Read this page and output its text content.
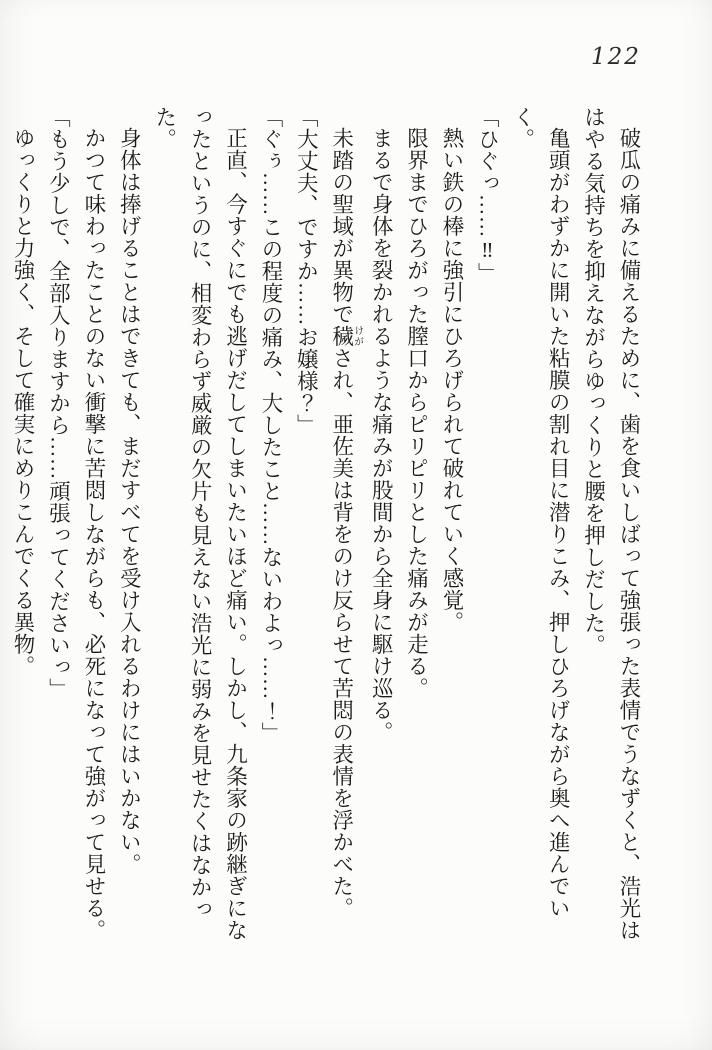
122

破瓜の痛みに備えるために、歯を食いしばって強張った表情でうなずくと、浩光ははやる気持ちを抑えながらゆっくりと腰を押しだした。

亀頭がわずかに開いた粘膜の割れ目に潜りこみ、押しひろげながら奥へ進んでいく。

「ひぐっ……‼」

熱い鉄の棒に強引にひろげられて破れていく感覚。

限界までひろがった膣口からピリピリとした痛みが走る。

まるで身体を裂かれるような痛みが股間から全身に駆け巡る。

未踏の聖域が異物で穢けがされ、亜佐美は背をのけ反らせて苦悶の表情を浮かべた。

「大丈夫、ですか……お嬢様？」

「ぐぅ……この程度の痛み、大したこと……ないわよっ……！」

正直、今すぐにでも逃げだしてしまいたいほど痛い。しかし、九条家の跡継ぎになったというのに、相変わらず威厳の欠片も見えない浩光に弱みを見せたくはなかった。

身体は捧げることはできても、まだすべてを受け入れるわけにはいかない。

かつて味わったことのない衝撃に苦悶しながらも、必死になって強がって見せる。

「もう少しで、全部入りますから……頑張ってくださいっ」

ゆっくりと力強く、そして確実にめりこんでくる異物。
